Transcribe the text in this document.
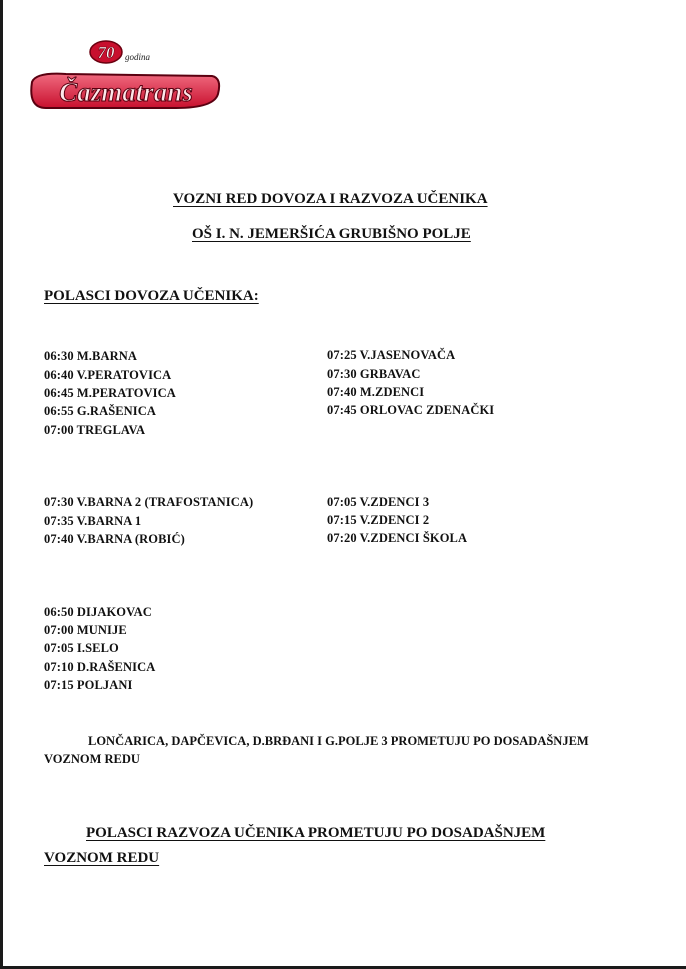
70 godina
Čazmatrans
VOZNI RED DOVOZA I RAZVOZA UČENIKA
OŠ I. N. JEMERŠIĆA GRUBIŠNO POLJE
POLASCI DOVOZA UČENIKA:
06:30 M.BARNA
06:40 V.PERATOVICA
06:45 M.PERATOVICA
06:55 G.RAŠENICA
07:00 TREGLAVA
07:25 V.JASENOVAČA
07:30 GRBAVAC
07:40 M.ZDENCI
07:45 ORLOVAC ZDENAČKI
07:30 V.BARNA 2 (TRAFOSTANICA)
07:35 V.BARNA 1
07:40 V.BARNA (ROBIĆ)
07:05 V.ZDENCI 3
07:15 V.ZDENCI 2
07:20 V.ZDENCI ŠKOLA
06:50 DIJAKOVAC
07:00 MUNIJE
07:05 I.SELO
07:10 D.RAŠENICA
07:15 POLJANI
LONČARICA, DAPČEVICA, D.BRĐANI I G.POLJE 3 PROMETUJU PO DOSADAŠNJEM
VOZNOM REDU
POLASCI RAZVOZA UČENIKA PROMETUJU PO DOSADAŠNJEM
VOZNOM REDU
